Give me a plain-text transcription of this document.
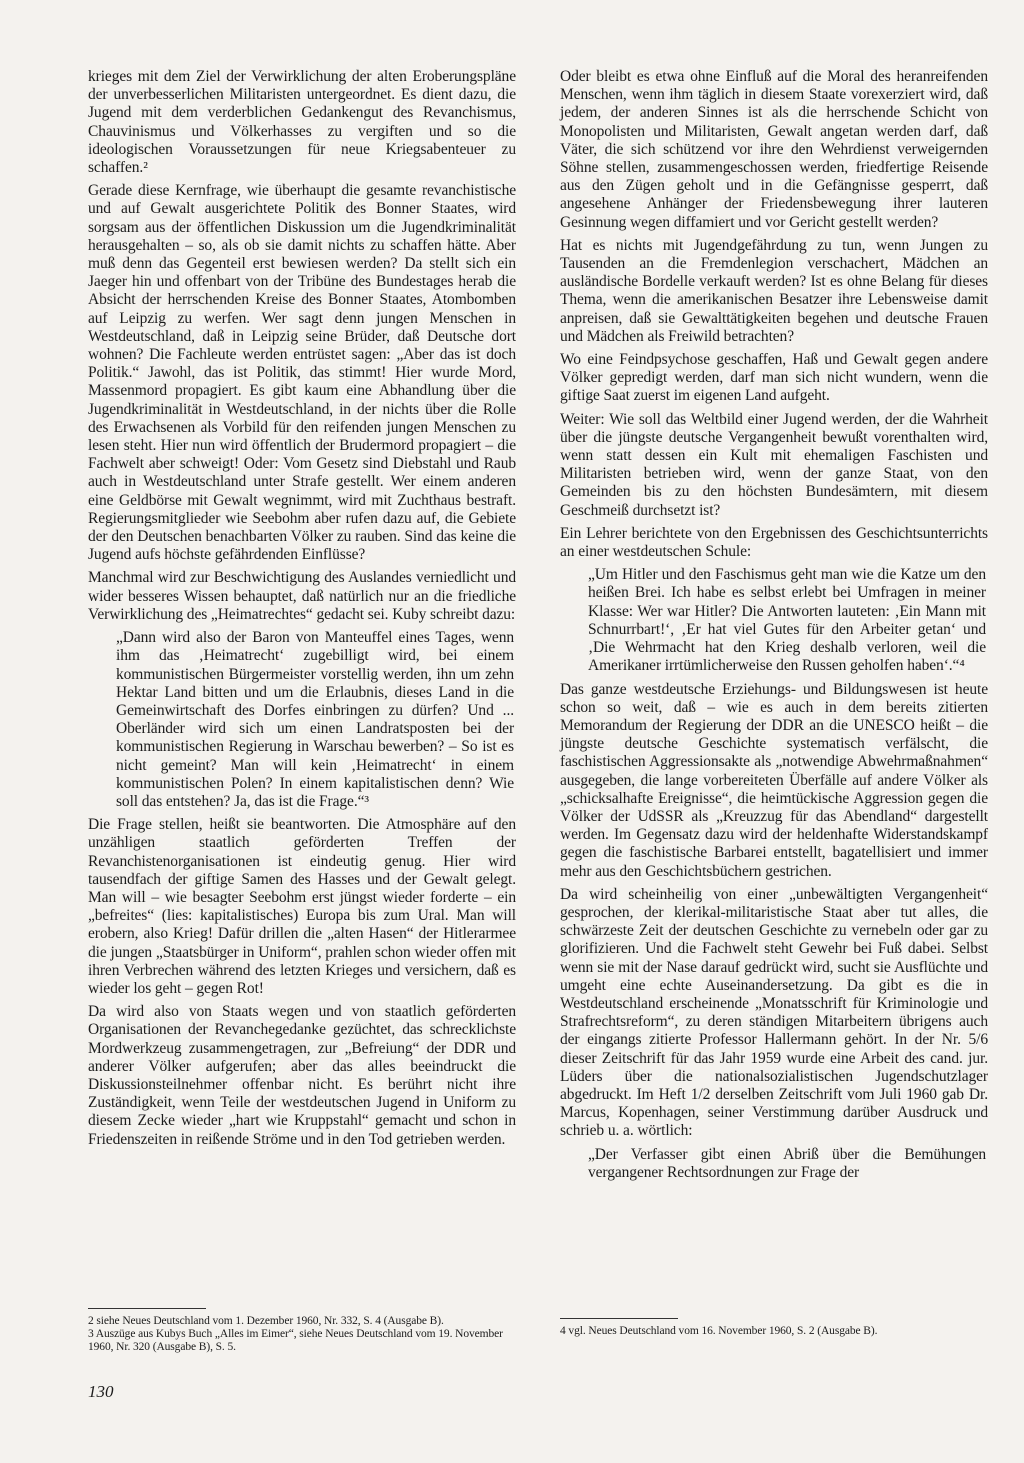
krieges mit dem Ziel der Verwirklichung der alten Eroberungspläne der unverbesserlichen Militaristen untergeordnet. Es dient dazu, die Jugend mit dem verderblichen Gedankengut des Revanchismus, Chauvinismus und Völkerhasses zu vergiften und so die ideologischen Voraussetzungen für neue Kriegsabenteuer zu schaffen.²

Gerade diese Kernfrage, wie überhaupt die gesamte revanchistische und auf Gewalt ausgerichtete Politik des Bonner Staates, wird sorgsam aus der öffentlichen Diskussion um die Jugendkriminalität herausgehalten – so, als ob sie damit nichts zu schaffen hätte. Aber muß denn das Gegenteil erst bewiesen werden? Da stellt sich ein Jaeger hin und offenbart von der Tribüne des Bundestages herab die Absicht der herrschenden Kreise des Bonner Staates, Atombomben auf Leipzig zu werfen. Wer sagt denn jungen Menschen in Westdeutschland, daß in Leipzig seine Brüder, daß Deutsche dort wohnen? Die Fachleute werden entrüstet sagen: „Aber das ist doch Politik.“ Jawohl, das ist Politik, das stimmt! Hier wurde Mord, Massenmord propagiert. Es gibt kaum eine Abhandlung über die Jugendkriminalität in Westdeutschland, in der nichts über die Rolle des Erwachsenen als Vorbild für den reifenden jungen Menschen zu lesen steht. Hier nun wird öffentlich der Brudermord propagiert – die Fachwelt aber schweigt! Oder: Vom Gesetz sind Diebstahl und Raub auch in Westdeutschland unter Strafe gestellt. Wer einem anderen eine Geldbörse mit Gewalt wegnimmt, wird mit Zuchthaus bestraft. Regierungsmitglieder wie Seebohm aber rufen dazu auf, die Gebiete der den Deutschen benachbarten Völker zu rauben. Sind das keine die Jugend aufs höchste gefährdenden Einflüsse?

Manchmal wird zur Beschwichtigung des Auslandes verniedlicht und wider besseres Wissen behauptet, daß natürlich nur an die friedliche Verwirklichung des „Heimatrechtes“ gedacht sei. Kuby schreibt dazu:

„Dann wird also der Baron von Manteuffel eines Tages, wenn ihm das ‚Heimatrecht‘ zugebilligt wird, bei einem kommunistischen Bürgermeister vorstellig werden, ihn um zehn Hektar Land bitten und um die Erlaubnis, dieses Land in die Gemeinwirtschaft des Dorfes einbringen zu dürfen? Und ... Oberländer wird sich um einen Landratsposten bei der kommunistischen Regierung in Warschau bewerben? – So ist es nicht gemeint? Man will kein ‚Heimatrecht‘ in einem kommunistischen Polen? In einem kapitalistischen denn? Wie soll das entstehen? Ja, das ist die Frage.“³

Die Frage stellen, heißt sie beantworten. Die Atmosphäre auf den unzähligen staatlich geförderten Treffen der Revanchistenorganisationen ist eindeutig genug. Hier wird tausendfach der giftige Samen des Hasses und der Gewalt gelegt. Man will – wie besagter Seebohm erst jüngst wieder forderte – ein „befreites“ (lies: kapitalistisches) Europa bis zum Ural. Man will erobern, also Krieg! Dafür drillen die „alten Hasen“ der Hitlerarmee die jungen „Staatsbürger in Uniform“, prahlen schon wieder offen mit ihren Verbrechen während des letzten Krieges und versichern, daß es wieder los geht – gegen Rot!

Da wird also von Staats wegen und von staatlich geförderten Organisationen der Revanchegedanke gezüchtet, das schrecklichste Mordwerkzeug zusammengetragen, zur „Befreiung“ der DDR und anderer Völker aufgerufen; aber das alles beeindruckt die Diskussionsteilnehmer offenbar nicht. Es berührt nicht ihre Zuständigkeit, wenn Teile der westdeutschen Jugend in Uniform zu diesem Zecke wieder „hart wie Kruppstahl“ gemacht und schon in Friedenszeiten in reißende Ströme und in den Tod getrieben werden.

2 siehe Neues Deutschland vom 1. Dezember 1960, Nr. 332, S. 4 (Ausgabe B).

3 Auszüge aus Kubys Buch „Alles im Eimer“, siehe Neues Deutschland vom 19. November 1960, Nr. 320 (Ausgabe B), S. 5.

Oder bleibt es etwa ohne Einfluß auf die Moral des heranreifenden Menschen, wenn ihm täglich in diesem Staate vorexerziert wird, daß jedem, der anderen Sinnes ist als die herrschende Schicht von Monopolisten und Militaristen, Gewalt angetan werden darf, daß Väter, die sich schützend vor ihre den Wehrdienst verweigernden Söhne stellen, zusammengeschossen werden, friedfertige Reisende aus den Zügen geholt und in die Gefängnisse gesperrt, daß angesehene Anhänger der Friedensbewegung ihrer lauteren Gesinnung wegen diffamiert und vor Gericht gestellt werden?

Hat es nichts mit Jugendgefährdung zu tun, wenn Jungen zu Tausenden an die Fremdenlegion verschachert, Mädchen an ausländische Bordelle verkauft werden? Ist es ohne Belang für dieses Thema, wenn die amerikanischen Besatzer ihre Lebensweise damit anpreisen, daß sie Gewalttätigkeiten begehen und deutsche Frauen und Mädchen als Freiwild betrachten?

Wo eine Feindpsychose geschaffen, Haß und Gewalt gegen andere Völker gepredigt werden, darf man sich nicht wundern, wenn die giftige Saat zuerst im eigenen Land aufgeht.

Weiter: Wie soll das Weltbild einer Jugend werden, der die Wahrheit über die jüngste deutsche Vergangenheit bewußt vorenthalten wird, wenn statt dessen ein Kult mit ehemaligen Faschisten und Militaristen betrieben wird, wenn der ganze Staat, von den Gemeinden bis zu den höchsten Bundesämtern, mit diesem Geschmeiß durchsetzt ist?

Ein Lehrer berichtete von den Ergebnissen des Geschichtsunterrichts an einer westdeutschen Schule:

„Um Hitler und den Faschismus geht man wie die Katze um den heißen Brei. Ich habe es selbst erlebt bei Umfragen in meiner Klasse: Wer war Hitler? Die Antworten lauteten: ‚Ein Mann mit Schnurrbart!‘, ‚Er hat viel Gutes für den Arbeiter getan‘ und ‚Die Wehrmacht hat den Krieg deshalb verloren, weil die Amerikaner irrtümlicherweise den Russen geholfen haben‘.“⁴

Das ganze westdeutsche Erziehungs- und Bildungswesen ist heute schon so weit, daß – wie es auch in dem bereits zitierten Memorandum der Regierung der DDR an die UNESCO heißt – die jüngste deutsche Geschichte systematisch verfälscht, die faschistischen Aggressionsakte als „notwendige Abwehrmaßnahmen“ ausgegeben, die lange vorbereiteten Überfälle auf andere Völker als „schicksalhafte Ereignisse“, die heimtückische Aggression gegen die Völker der UdSSR als „Kreuzzug für das Abendland“ dargestellt werden. Im Gegensatz dazu wird der heldenhafte Widerstandskampf gegen die faschistische Barbarei entstellt, bagatellisiert und immer mehr aus den Geschichtsbüchern gestrichen.

Da wird scheinheilig von einer „unbewältigten Vergangenheit“ gesprochen, der klerikal-militaristische Staat aber tut alles, die schwärzeste Zeit der deutschen Geschichte zu vernebeln oder gar zu glorifizieren. Und die Fachwelt steht Gewehr bei Fuß dabei. Selbst wenn sie mit der Nase darauf gedrückt wird, sucht sie Ausflüchte und umgeht eine echte Auseinandersetzung. Da gibt es die in Westdeutschland erscheinende „Monatsschrift für Kriminologie und Strafrechtsreform“, zu deren ständigen Mitarbeitern übrigens auch der eingangs zitierte Professor Hallermann gehört. In der Nr. 5/6 dieser Zeitschrift für das Jahr 1959 wurde eine Arbeit des cand. jur. Lüders über die nationalsozialistischen Jugendschutzlager abgedruckt. Im Heft 1/2 derselben Zeitschrift vom Juli 1960 gab Dr. Marcus, Kopenhagen, seiner Verstimmung darüber Ausdruck und schrieb u. a. wörtlich:

„Der Verfasser gibt einen Abriß über die Bemühungen vergangener Rechtsordnungen zur Frage der

4 vgl. Neues Deutschland vom 16. November 1960, S. 2 (Ausgabe B).

130
